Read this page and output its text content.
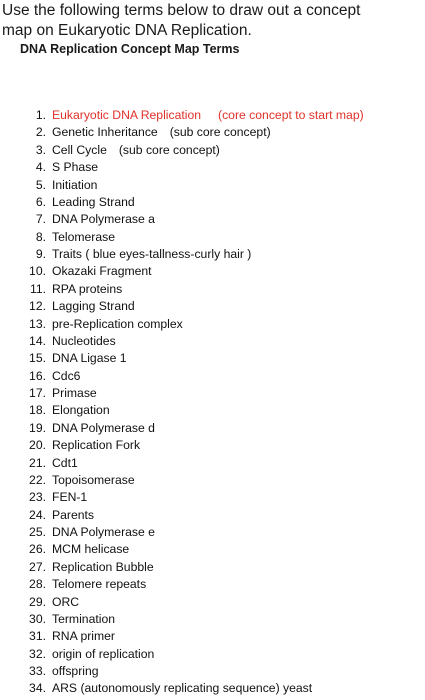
Use the following terms below to draw out a concept
map on Eukaryotic DNA Replication.

DNA Replication Concept Map Terms
1. Eukaryotic DNA Replication (core concept to start map)
2. Genetic Inheritance (sub core concept)
3. Cell Cycle (sub core concept)
4. S Phase
5. Initiation
6. Leading Strand
7. DNA Polymerase a
8. Telomerase
9. Traits ( blue eyes-tallness-curly hair )
10. Okazaki Fragment
11. RPA proteins
12. Lagging Strand
13. pre-Replication complex
14. Nucleotides
15. DNA Ligase 1
16. Cdc6
17. Primase
18. Elongation
19. DNA Polymerase d
20. Replication Fork
21. Cdt1
22. Topoisomerase
23. FEN-1
24. Parents
25. DNA Polymerase e
26. MCM helicase
27. Replication Bubble
28. Telomere repeats
29. ORC
30. Termination
31. RNA primer
32. origin of replication
33. offspring
34. ARS (autonomously replicating sequence) yeast
